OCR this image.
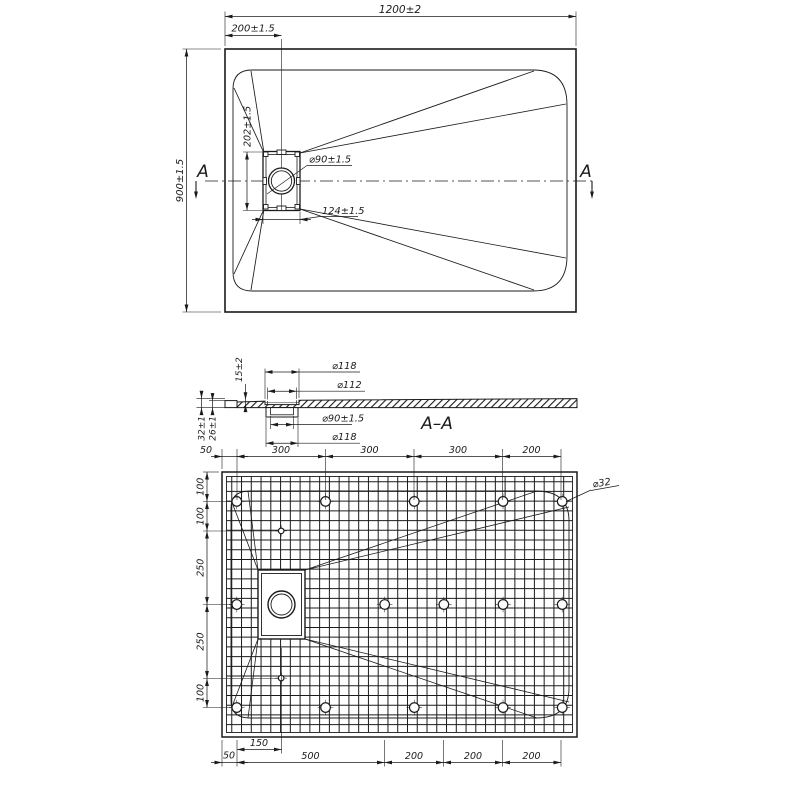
1200±2
200±1.5
900±1.5
202±1.5
⌀90±1.5
124±1.5
A	A
⌀118
⌀112
⌀90±1.5
⌀118
15±2
32±1 26±1	A–A
⌀32
50	300	300	300	200
100
100
250
250
100
150
50	500	200	200	200
